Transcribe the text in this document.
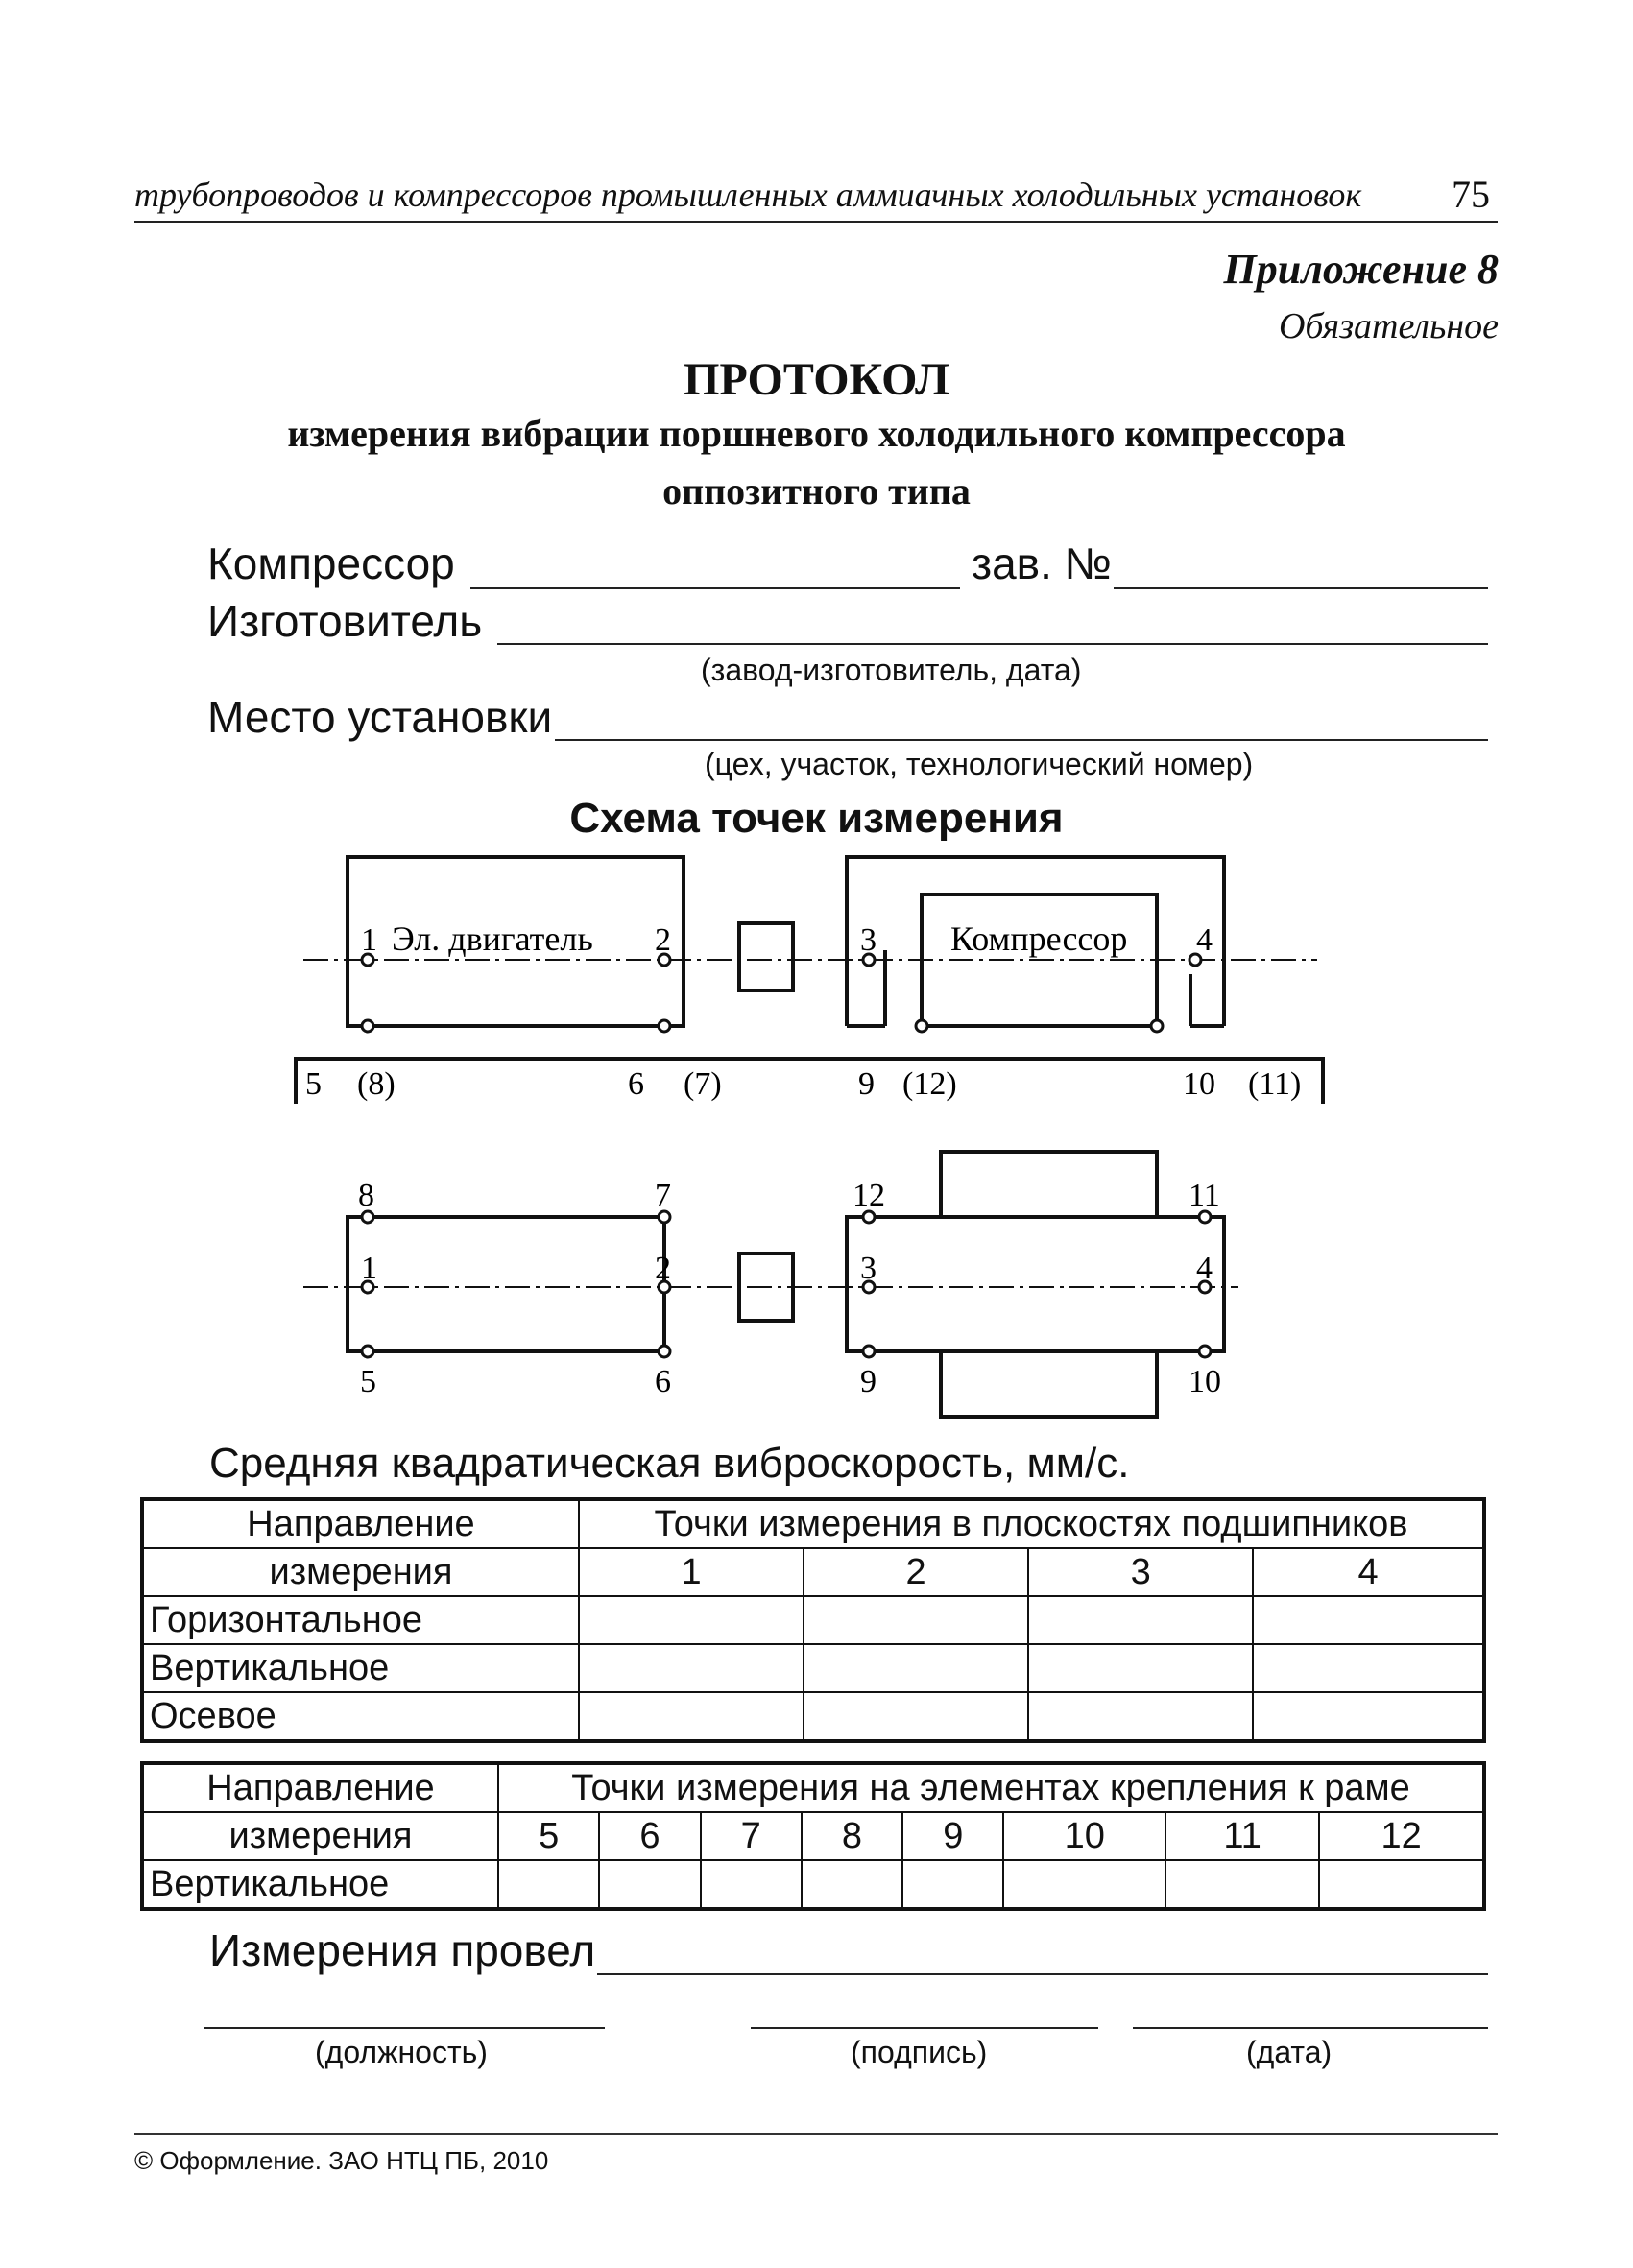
трубопроводов и компрессоров промышленных аммиачных холодильных установок 75
Приложение 8
Обязательное
ПРОТОКОЛ
измерения вибрации поршневого холодильного компрессора
оппозитного типа
Компрессор	зав. №
Изготовитель
(завод-изготовитель, дата)
Место установки
(цех, участок, технологический номер)
Схема точек измерения
Эл. двигатель	Компрессор
1	2	3	4
5 (8)	6 (7)	9 (12)	10 (11)
8	7	12	11
1	2	3	4
5	6	9	10
Средняя квадратическая виброскорость, мм/с.
Направление	Точки измерения в плоскостях подшипников			
измерения	1	2	3	4
Горизонтальное				
Вертикальное				
Осевое				
Направление	Точки измерения на элементах крепления к раме							
измерения	5	6	7	8	9	10	11	12
Вертикальное								
Измерения провел
(должность)	(подпись)	(дата)
© Оформление. ЗАО НТЦ ПБ, 2010
